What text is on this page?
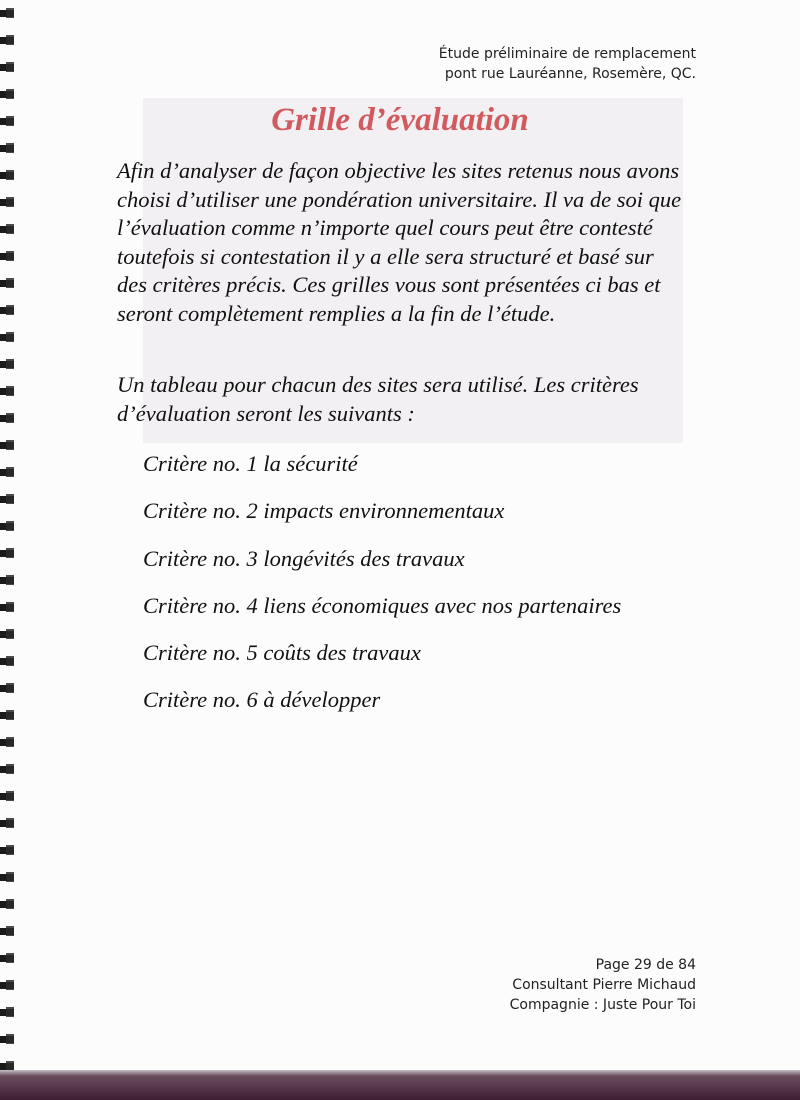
Étude préliminaire de remplacement
pont rue Lauréanne, Rosemère, QC.
Grille d’évaluation
Afin d’analyser de façon objective les sites retenus nous avons choisi d’utiliser une pondération universitaire. Il va de soi que l’évaluation comme n’importe quel cours peut être contesté toutefois si contestation il y a elle sera structuré et basé sur des critères précis. Ces grilles vous sont présentées ci bas et seront complètement remplies a la fin de l’étude.
Un tableau pour chacun des sites sera utilisé. Les critères d’évaluation seront les suivants :
Critère no. 1 la sécurité
Critère no. 2 impacts environnementaux
Critère no. 3 longévités des travaux
Critère no. 4 liens économiques avec nos partenaires
Critère no. 5 coûts des travaux
Critère no. 6 à développer
Page 29 de 84
Consultant Pierre Michaud
Compagnie : Juste Pour Toi
